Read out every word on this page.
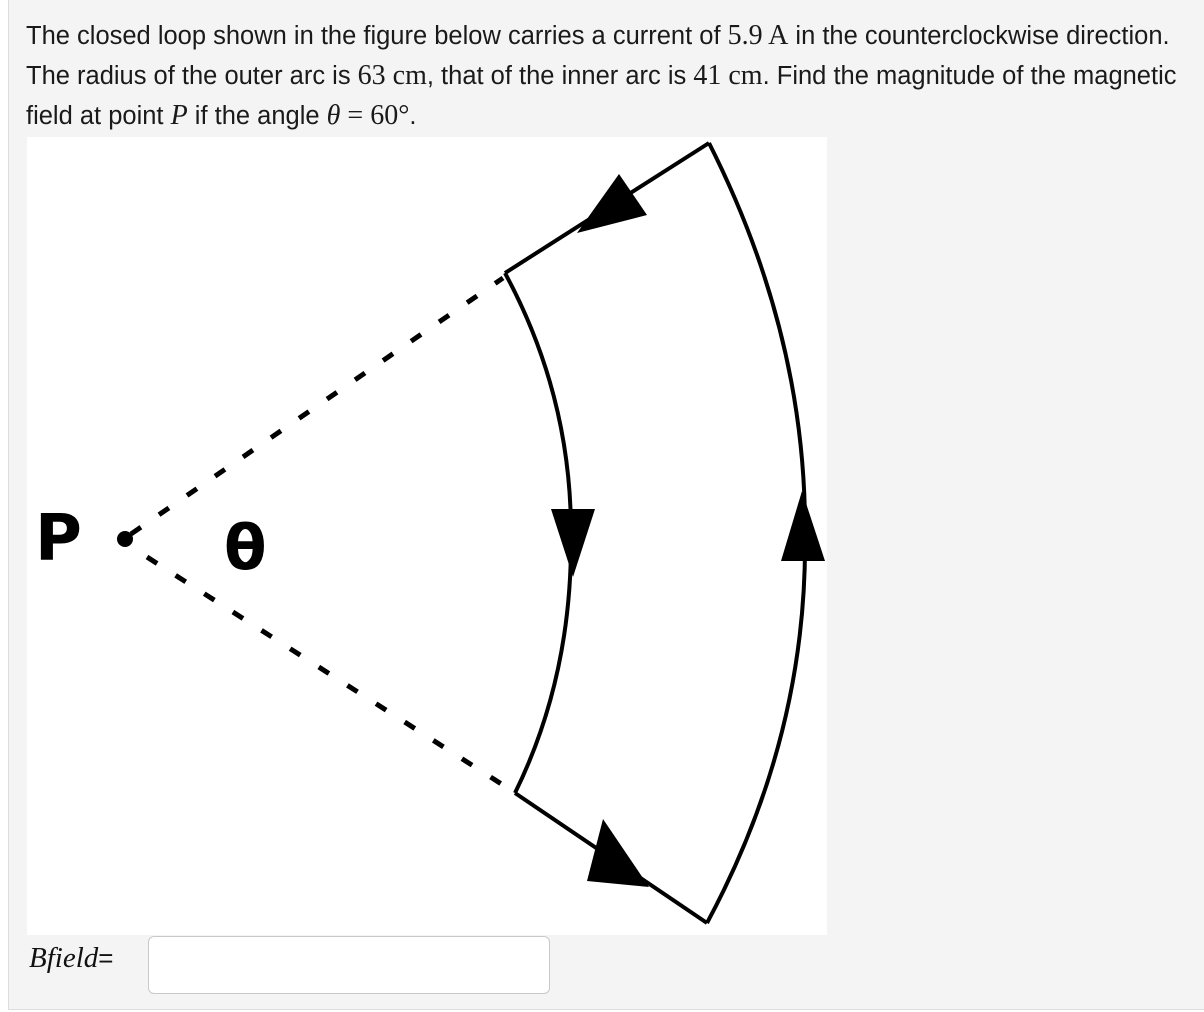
The closed loop shown in the figure below carries a current of 5.9 A in the counterclockwise direction. The radius of the outer arc is 63 cm, that of the inner arc is 41 cm. Find the magnitude of the magnetic field at point P if the angle θ = 60°.
P θ
Bfield=
